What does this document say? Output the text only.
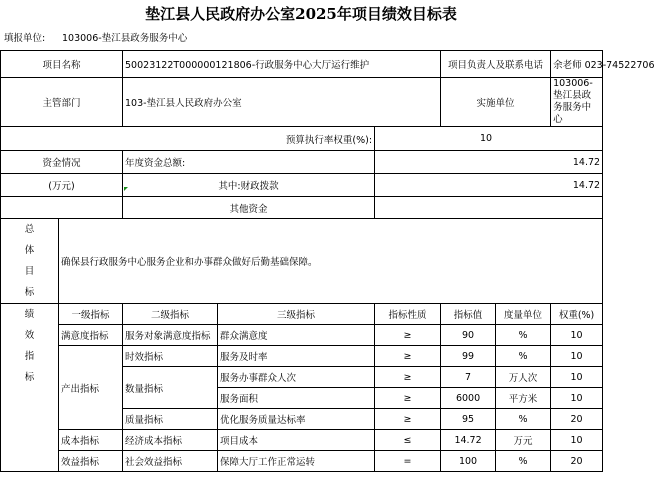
垫江县人民政府办公室2025年项目绩效目标表
填报单位: 103006-垫江县政务服务中心
项目名称		50023122T000000121806-行政服务中心大厅运行维护			项目负责人及联系电话		余老师 023-74522706
主管部门		103-垫江县人民政府办公室			实施单位		103006-垫江县政务服务中心
预算执行率权重(%):				10			
资金情况		年度资金总额:		14.72			
(万元)		其中:财政拨款		14.72			
		其他资金					

总
体
目
标	确保县行政服务中心服务企业和办事群众做好后勤基础保障。						

绩
效
指
标	一级指标	二级指标	三级指标	指标性质	指标值	度量单位	权重(%)
	满意度指标	服务对象满意度指标	群众满意度	≥	90	%	10
	产出指标	时效指标	服务及时率	≥	99	%	10
		数量指标	服务办事群众人次	≥	7	万人次	10
			服务面积	≥	6000	平方米	10
		质量指标	优化服务质量达标率	≥	95	%	20
	成本指标	经济成本指标	项目成本	≤	14.72	万元	10
	效益指标	社会效益指标	保障大厅工作正常运转	=	100	%	20
